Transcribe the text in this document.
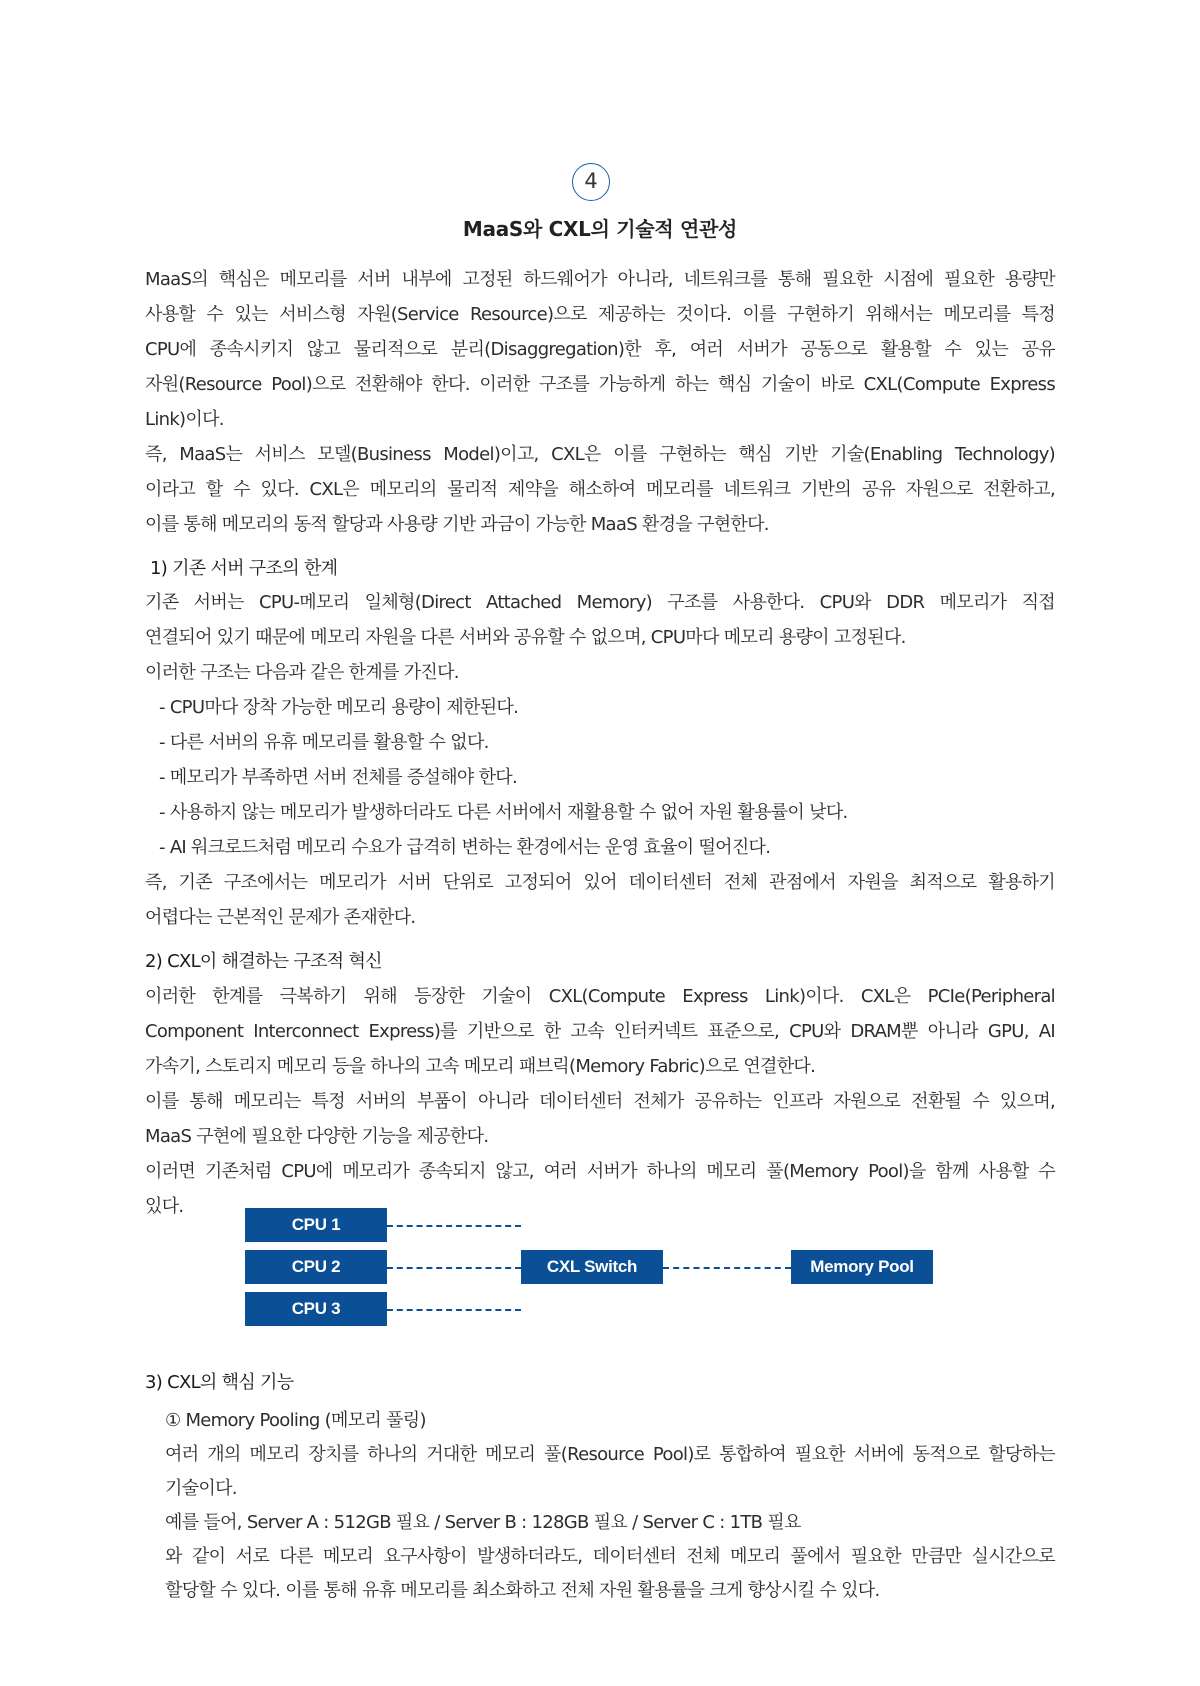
4
MaaS와 CXL의 기술적 연관성
MaaS의 핵심은 메모리를 서버 내부에 고정된 하드웨어가 아니라, 네트워크를 통해 필요한 시점에 필요한 용량만
사용할 수 있는 서비스형 자원(Service Resource)으로 제공하는 것이다. 이를 구현하기 위해서는 메모리를 특정
CPU에 종속시키지 않고 물리적으로 분리(Disaggregation)한 후, 여러 서버가 공동으로 활용할 수 있는 공유
자원(Resource Pool)으로 전환해야 한다. 이러한 구조를 가능하게 하는 핵심 기술이 바로 CXL(Compute Express
Link)이다.
즉, MaaS는 서비스 모델(Business Model)이고, CXL은 이를 구현하는 핵심 기반 기술(Enabling Technology)
이라고 할 수 있다. CXL은 메모리의 물리적 제약을 해소하여 메모리를 네트워크 기반의 공유 자원으로 전환하고,
이를 통해 메모리의 동적 할당과 사용량 기반 과금이 가능한 MaaS 환경을 구현한다.
1) 기존 서버 구조의 한계
기존 서버는 CPU-메모리 일체형(Direct Attached Memory) 구조를 사용한다. CPU와 DDR 메모리가 직접
연결되어 있기 때문에 메모리 자원을 다른 서버와 공유할 수 없으며, CPU마다 메모리 용량이 고정된다.
이러한 구조는 다음과 같은 한계를 가진다.
- CPU마다 장착 가능한 메모리 용량이 제한된다.
- 다른 서버의 유휴 메모리를 활용할 수 없다.
- 메모리가 부족하면 서버 전체를 증설해야 한다.
- 사용하지 않는 메모리가 발생하더라도 다른 서버에서 재활용할 수 없어 자원 활용률이 낮다.
- AI 워크로드처럼 메모리 수요가 급격히 변하는 환경에서는 운영 효율이 떨어진다.
즉, 기존 구조에서는 메모리가 서버 단위로 고정되어 있어 데이터센터 전체 관점에서 자원을 최적으로 활용하기
어렵다는 근본적인 문제가 존재한다.
2) CXL이 해결하는 구조적 혁신
이러한 한계를 극복하기 위해 등장한 기술이 CXL(Compute Express Link)이다. CXL은 PCIe(Peripheral
Component Interconnect Express)를 기반으로 한 고속 인터커넥트 표준으로, CPU와 DRAM뿐 아니라 GPU, AI
가속기, 스토리지 메모리 등을 하나의 고속 메모리 패브릭(Memory Fabric)으로 연결한다.
이를 통해 메모리는 특정 서버의 부품이 아니라 데이터센터 전체가 공유하는 인프라 자원으로 전환될 수 있으며,
MaaS 구현에 필요한 다양한 기능을 제공한다.
이러면 기존처럼 CPU에 메모리가 종속되지 않고, 여러 서버가 하나의 메모리 풀(Memory Pool)을 함께 사용할 수
있다.
CPU 1
CPU 2
CPU 3
CXL Switch	Memory Pool
3) CXL의 핵심 기능
① Memory Pooling (메모리 풀링)
여러 개의 메모리 장치를 하나의 거대한 메모리 풀(Resource Pool)로 통합하여 필요한 서버에 동적으로 할당하는
기술이다.
예를 들어, Server A : 512GB 필요 / Server B : 128GB 필요 / Server C : 1TB 필요
와 같이 서로 다른 메모리 요구사항이 발생하더라도, 데이터센터 전체 메모리 풀에서 필요한 만큼만 실시간으로
할당할 수 있다. 이를 통해 유휴 메모리를 최소화하고 전체 자원 활용률을 크게 향상시킬 수 있다.
